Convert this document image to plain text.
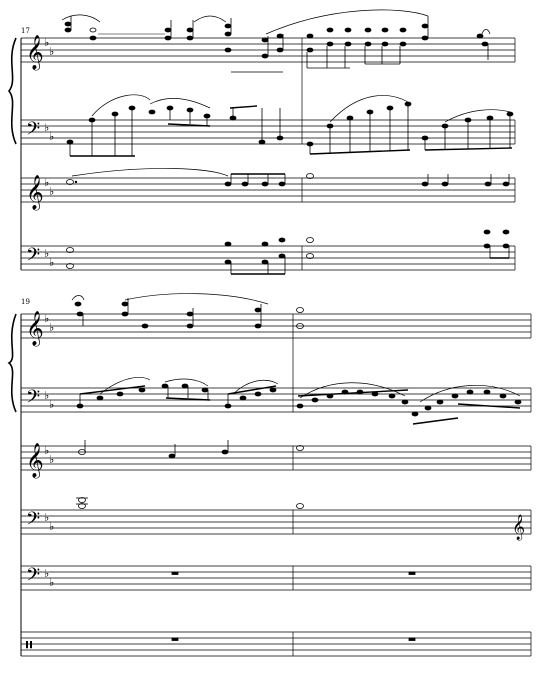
17
19
𝄞
𝄢
𝄞
𝄢
𝄞
𝄢
𝄞
𝄢
𝄢
𝄞
𝄥
♭
♭
♭
♭
♭
♭
♭
♭
♭
♭
♭
♭
♭
♭
♭
♭
♭
♭
